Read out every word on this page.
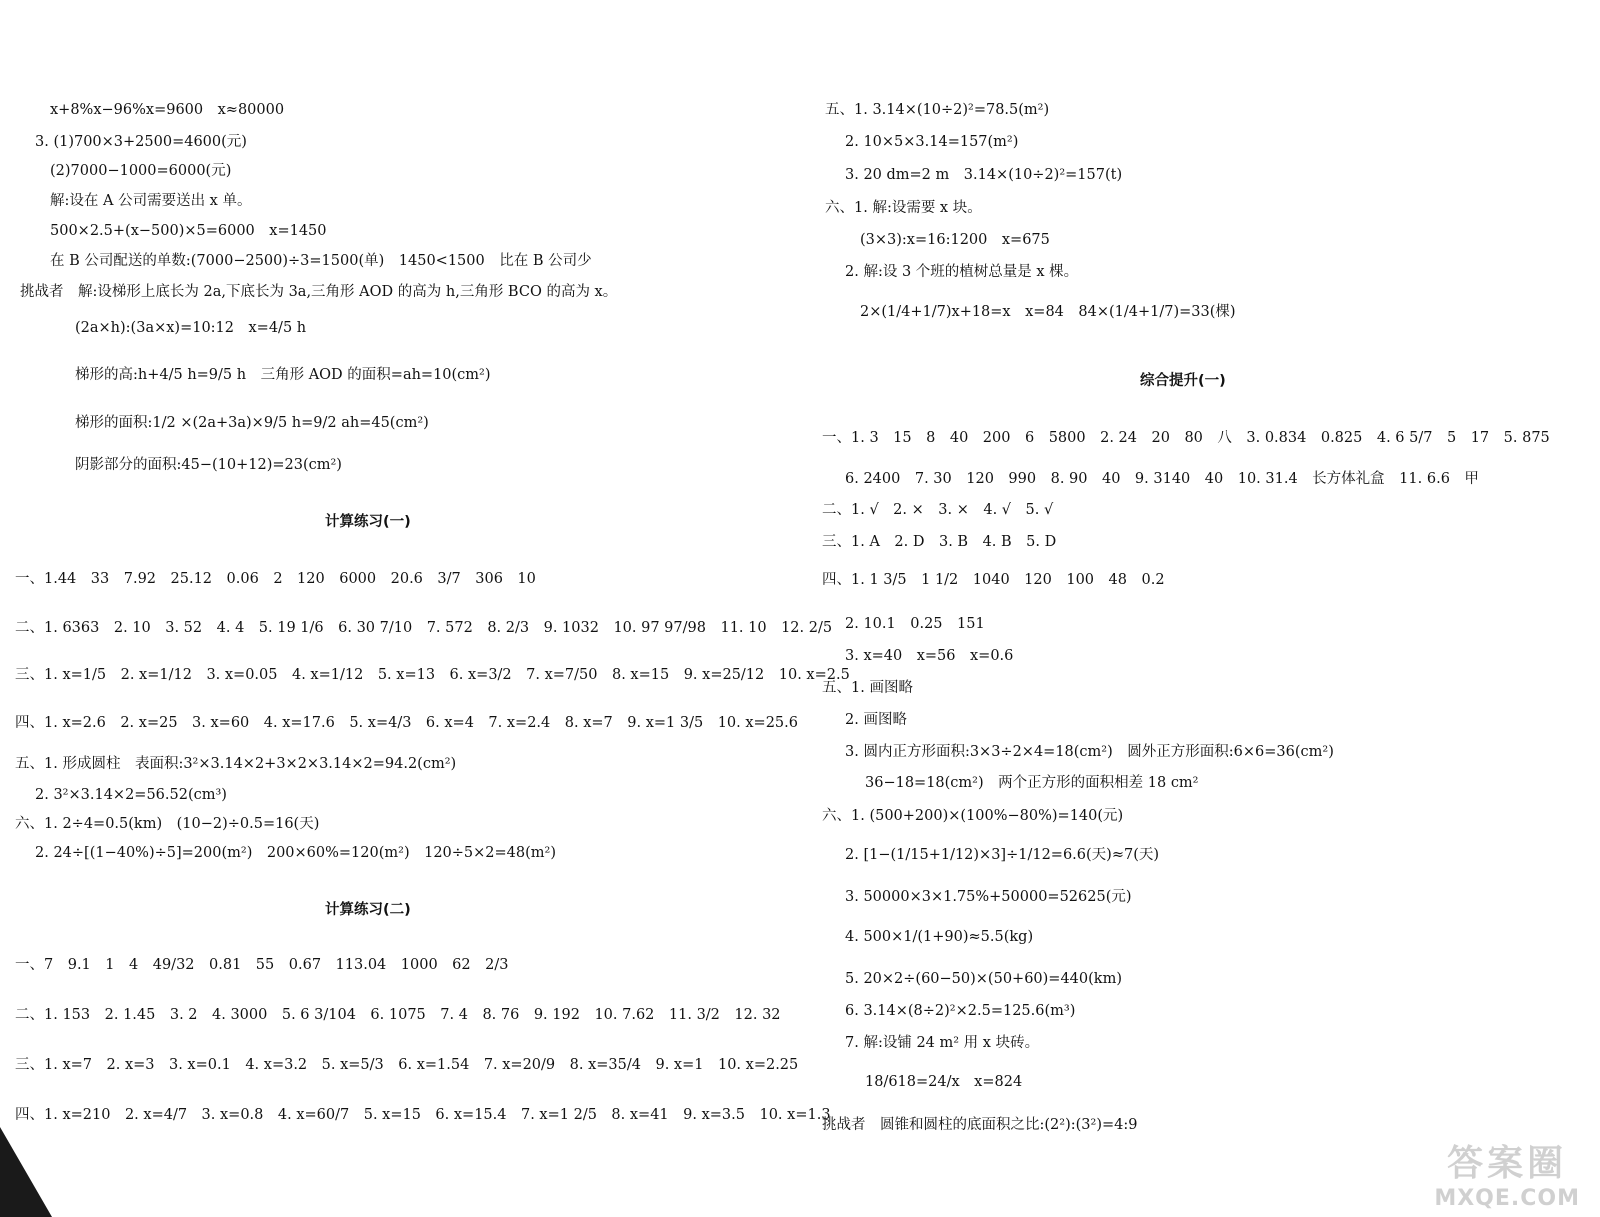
x+8%x−96%x=9600　x≈80000
3. (1)700×3+2500=4600(元)
(2)7000−1000=6000(元)
解:设在 A 公司需要送出 x 单。
500×2.5+(x−500)×5=6000　x=1450
在 B 公司配送的单数:(7000−2500)÷3=1500(单)　1450<1500　比在 B 公司少
挑战者　解:设梯形上底长为 2a,下底长为 3a,三角形 AOD 的高为 h,三角形 BCO 的高为 x。
(2a×h):(3a×x)=10:12　x=4/5 h
梯形的高:h+4/5 h=9/5 h　三角形 AOD 的面积=ah=10(cm²)
梯形的面积:1/2 ×(2a+3a)×9/5 h=9/2 ah=45(cm²)
阴影部分的面积:45−(10+12)=23(cm²)
计算练习(一)
一、1.44　33　7.92　25.12　0.06　2　120　6000　20.6　3/7　306　10
二、1. 6363　2. 10　3. 52　4. 4　5. 19 1/6　6. 30 7/10　7. 572　8. 2/3　9. 1032　10. 97 97/98　11. 10　12. 2/5
三、1. x=1/5　2. x=1/12　3. x=0.05　4. x=1/12　5. x=13　6. x=3/2　7. x=7/50　8. x=15　9. x=25/12　10. x=2.5
四、1. x=2.6　2. x=25　3. x=60　4. x=17.6　5. x=4/3　6. x=4　7. x=2.4　8. x=7　9. x=1 3/5　10. x=25.6
五、1. 形成圆柱　表面积:3²×3.14×2+3×2×3.14×2=94.2(cm²)
2. 3²×3.14×2=56.52(cm³)
六、1. 2÷4=0.5(km)　(10−2)÷0.5=16(天)
2. 24÷[(1−40%)÷5]=200(m²)　200×60%=120(m²)　120÷5×2=48(m²)
计算练习(二)
一、7　9.1　1　4　49/32　0.81　55　0.67　113.04　1000　62　2/3
二、1. 153　2. 1.45　3. 2　4. 3000　5. 6 3/104　6. 1075　7. 4　8. 76　9. 192　10. 7.62　11. 3/2　12. 32
三、1. x=7　2. x=3　3. x=0.1　4. x=3.2　5. x=5/3　6. x=1.54　7. x=20/9　8. x=35/4　9. x=1　10. x=2.25
四、1. x=210　2. x=4/7　3. x=0.8　4. x=60/7　5. x=15　6. x=15.4　7. x=1 2/5　8. x=41　9. x=3.5　10. x=1.3
五、1. 3.14×(10÷2)²=78.5(m²)
2. 10×5×3.14=157(m²)
3. 20 dm=2 m　3.14×(10÷2)²=157(t)
六、1. 解:设需要 x 块。
(3×3):x=16:1200　x=675
2. 解:设 3 个班的植树总量是 x 棵。
2×(1/4+1/7)x+18=x　x=84　84×(1/4+1/7)=33(棵)
综合提升(一)
一、1. 3　15　8　40　200　6　5800　2. 24　20　80　八　3. 0.834　0.825　4. 6 5/7　5　17　5. 875
6. 2400　7. 30　120　990　8. 90　40　9. 3140　40　10. 31.4　长方体礼盒　11. 6.6　甲
二、1. √　2. ×　3. ×　4. √　5. √
三、1. A　2. D　3. B　4. B　5. D
四、1. 1 3/5　1 1/2　1040　120　100　48　0.2
2. 10.1　0.25　151
3. x=40　x=56　x=0.6
五、1. 画图略
2. 画图略
3. 圆内正方形面积:3×3÷2×4=18(cm²)　圆外正方形面积:6×6=36(cm²)
36−18=18(cm²)　两个正方形的面积相差 18 cm²
六、1. (500+200)×(100%−80%)=140(元)
2. [1−(1/15+1/12)×3]÷1/12=6.6(天)≈7(天)
3. 50000×3×1.75%+50000=52625(元)
4. 500×1/(1+90)≈5.5(kg)
5. 20×2÷(60−50)×(50+60)=440(km)
6. 3.14×(8÷2)²×2.5=125.6(m³)
7. 解:设铺 24 m² 用 x 块砖。
18/618=24/x　x=824
挑战者　圆锥和圆柱的底面积之比:(2²):(3²)=4:9
答案圈
MXQE.COM
